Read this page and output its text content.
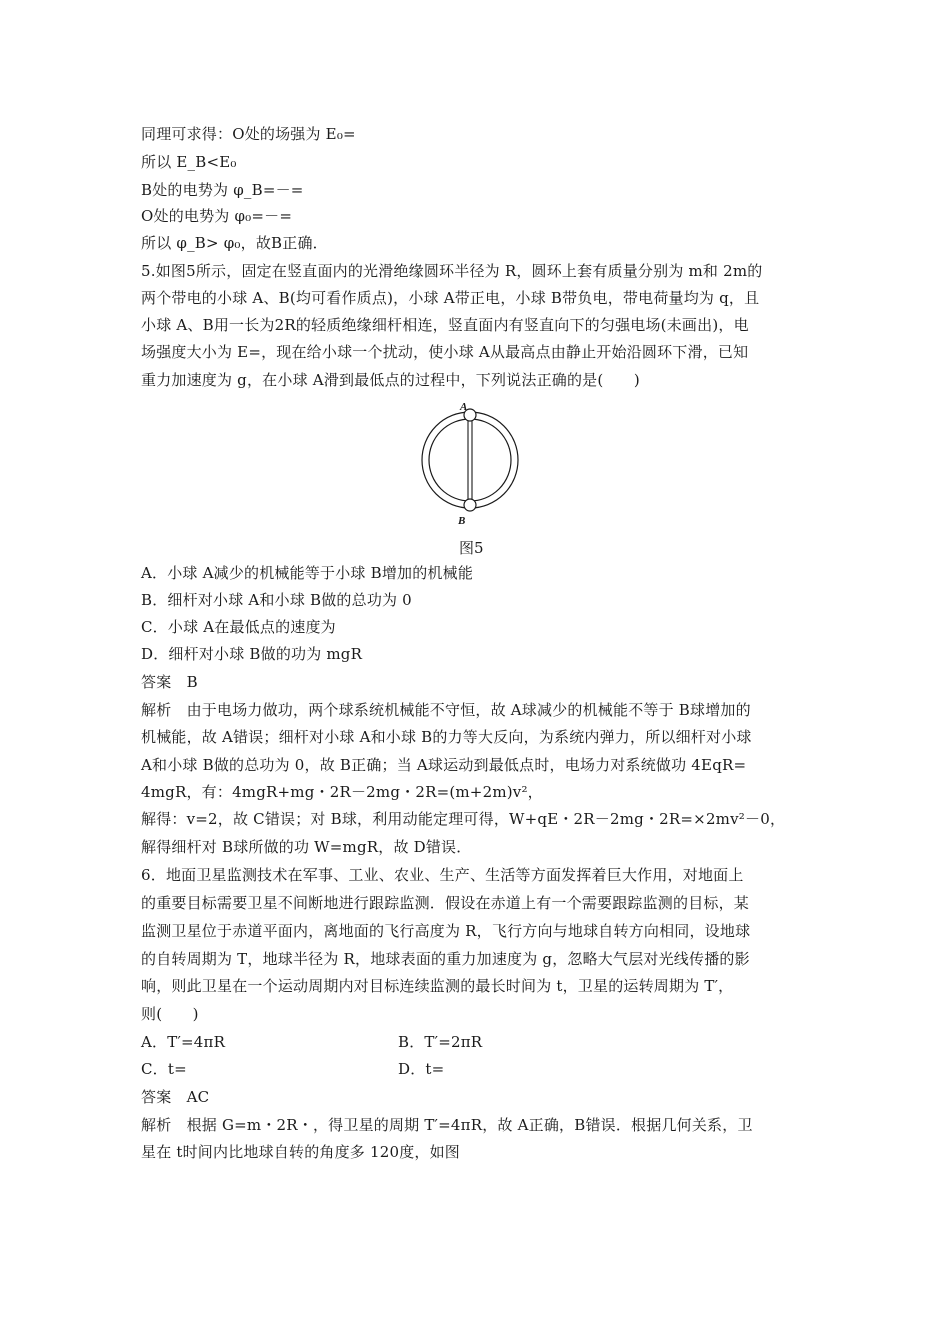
同理可求得：O处的场强为 E₀=
所以 E_B<E₀
B处的电势为 φ_B=－=
O处的电势为 φ₀=－=
所以 φ_B> φ₀，故B正确．
5.如图5所示，固定在竖直面内的光滑绝缘圆环半径为 R，圆环上套有质量分别为 m和 2m的
两个带电的小球 A、B(均可看作质点)，小球 A带正电，小球 B带负电，带电荷量均为 q，且
小球 A、B用一长为2R的轻质绝缘细杆相连，竖直面内有竖直向下的匀强电场(未画出)，电
场强度大小为 E=，现在给小球一个扰动，使小球 A从最高点由静止开始沿圆环下滑，已知
重力加速度为 g，在小球 A滑到最低点的过程中，下列说法正确的是(　　)
A
B
图5
A．小球 A减少的机械能等于小球 B增加的机械能
B．细杆对小球 A和小球 B做的总功为 0
C．小球 A在最低点的速度为
D．细杆对小球 B做的功为 mgR
答案　B
解析　由于电场力做功，两个球系统机械能不守恒，故 A球减少的机械能不等于 B球增加的
机械能，故 A错误；细杆对小球 A和小球 B的力等大反向，为系统内弹力，所以细杆对小球
A和小球 B做的总功为 0，故 B正确；当 A球运动到最低点时，电场力对系统做功 4EqR=
4mgR，有：4mgR+mg・2R－2mg・2R=(m+2m)v²，
解得：v=2，故 C错误；对 B球，利用动能定理可得，W+qE・2R－2mg・2R=×2mv²－0，
解得细杆对 B球所做的功 W=mgR，故 D错误．
6．地面卫星监测技术在军事、工业、农业、生产、生活等方面发挥着巨大作用，对地面上
的重要目标需要卫星不间断地进行跟踪监测．假设在赤道上有一个需要跟踪监测的目标，某
监测卫星位于赤道平面内，离地面的飞行高度为 R，飞行方向与地球自转方向相同，设地球
的自转周期为 T，地球半径为 R，地球表面的重力加速度为 g，忽略大气层对光线传播的影
响，则此卫星在一个运动周期内对目标连续监测的最长时间为 t，卫星的运转周期为 T′，
则(　　)
A．T′=4πR	B．T′=2πR
C．t=	D．t=
答案　AC
解析　根据 G=m・2R・，得卫星的周期 T′=4πR，故 A正确，B错误．根据几何关系，卫
星在 t时间内比地球自转的角度多 120度，如图
